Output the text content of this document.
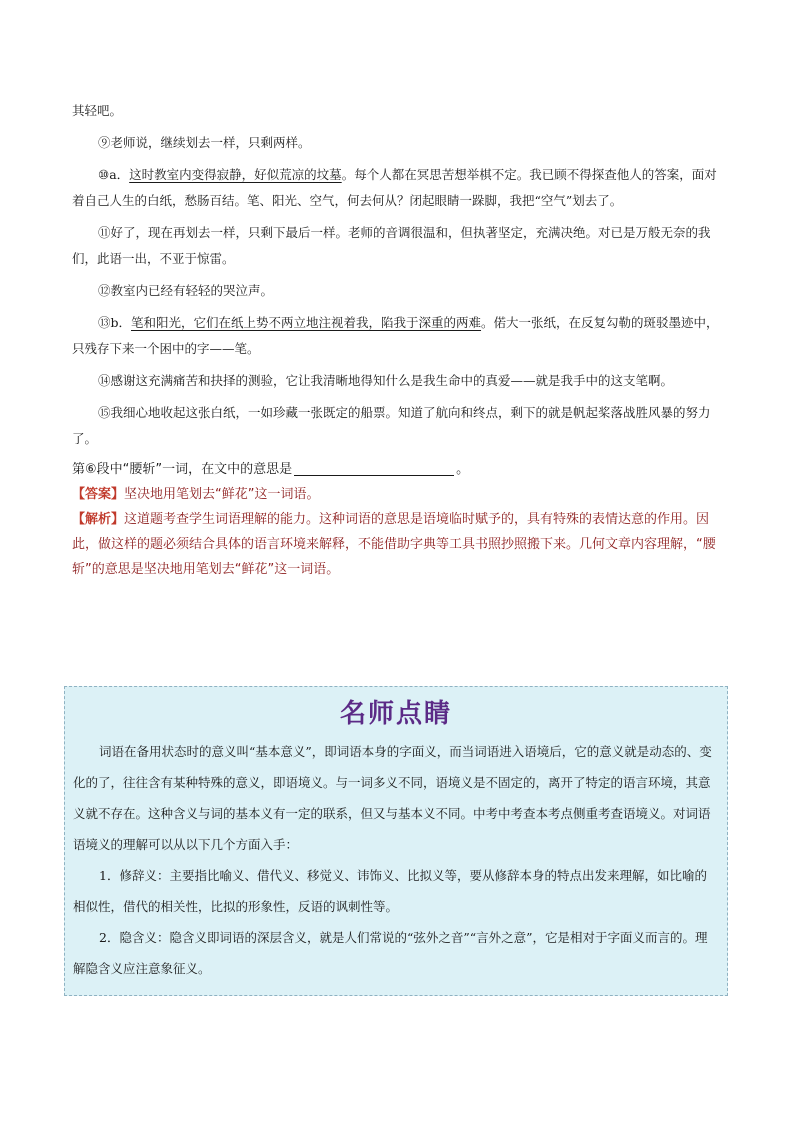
其轻吧。

⑨老师说，继续划去一样，只剩两样。

⑩a．这时教室内变得寂静，好似荒凉的坟墓。每个人都在冥思苦想举棋不定。我已顾不得探查他人的答案，面对着自己人生的白纸，愁肠百结。笔、阳光、空气，何去何从？闭起眼睛一跺脚，我把“空气”划去了。

⑪好了，现在再划去一样，只剩下最后一样。老师的音调很温和，但执著坚定，充满决绝。对已是万般无奈的我们，此语一出，不亚于惊雷。

⑫教室内已经有轻轻的哭泣声。

⑬b．笔和阳光，它们在纸上势不两立地注视着我，陷我于深重的两难。偌大一张纸，在反复勾勒的斑驳墨迹中，只残存下来一个困中的字——笔。

⑭感谢这充满痛苦和抉择的测验，它让我清晰地得知什么是我生命中的真爱——就是我手中的这支笔啊。

⑮我细心地收起这张白纸，一如珍藏一张既定的船票。知道了航向和终点，剩下的就是帆起桨落战胜风暴的努力了。

第⑥段中“腰斩”一词，在文中的意思是	。
【答案】坚决地用笔划去“鲜花”这一词语。
【解析】这道题考查学生词语理解的能力。这种词语的意思是语境临时赋予的，具有特殊的表情达意的作用。因此，做这样的题必须结合具体的语言环境来解释，不能借助字典等工具书照抄照搬下来。几何文章内容理解，“腰斩”的意思是坚决地用笔划去“鲜花”这一词语。
名师点睛

词语在备用状态时的意义叫“基本意义”，即词语本身的字面义，而当词语进入语境后，它的意义就是动态的、变化的了，往往含有某种特殊的意义，即语境义。与一词多义不同，语境义是不固定的，离开了特定的语言环境，其意义就不存在。这种含义与词的基本义有一定的联系，但又与基本义不同。中考中考查本考点侧重考查语境义。对词语语境义的理解可以从以下几个方面入手：

1．修辞义：主要指比喻义、借代义、移觉义、讳饰义、比拟义等，要从修辞本身的特点出发来理解，如比喻的相似性，借代的相关性，比拟的形象性，反语的讽刺性等。

2．隐含义：隐含义即词语的深层含义，就是人们常说的“弦外之音”“言外之意”，它是相对于字面义而言的。理解隐含义应注意象征义。
